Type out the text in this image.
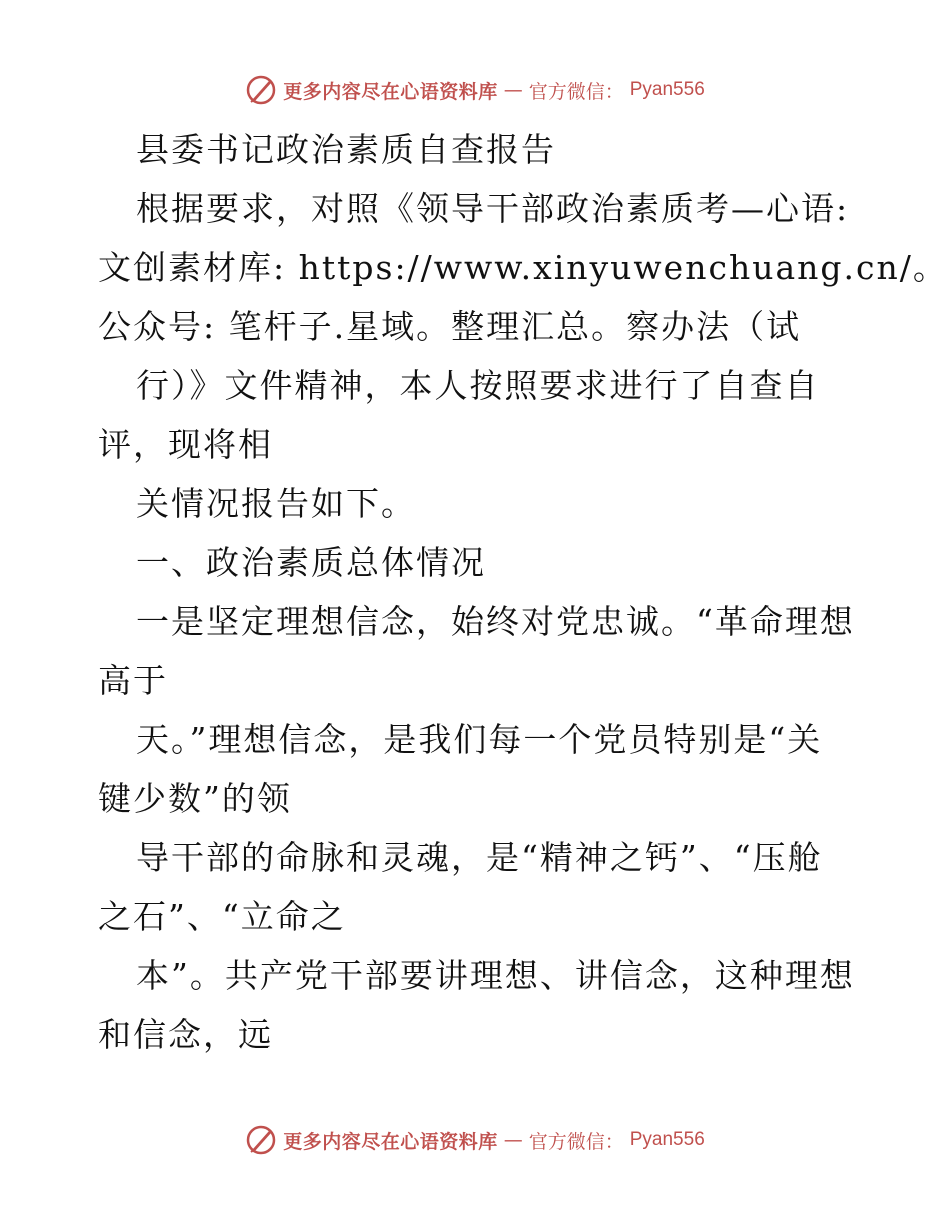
更多内容尽在心语资料库 — 官方微信： Pyan556
县委书记政治素质自查报告
根据要求，对照《领导干部政治素质考—心语:
文创素材库: https://www.xinyuwenchuang.cn/。
公众号: 笔杆子.星域。整理汇总。察办法（试
行）》文件精神，本人按照要求进行了自查自
评，现将相
关情况报告如下。
一、政治素质总体情况
一是坚定理想信念，始终对党忠诚。“革命理想
高于
天。”理想信念，是我们每一个党员特别是“关
键少数”的领
导干部的命脉和灵魂，是“精神之钙”、“压舱
之石”、“立命之
本”。共产党干部要讲理想、讲信念，这种理想
和信念，远
更多内容尽在心语资料库 — 官方微信： Pyan556
